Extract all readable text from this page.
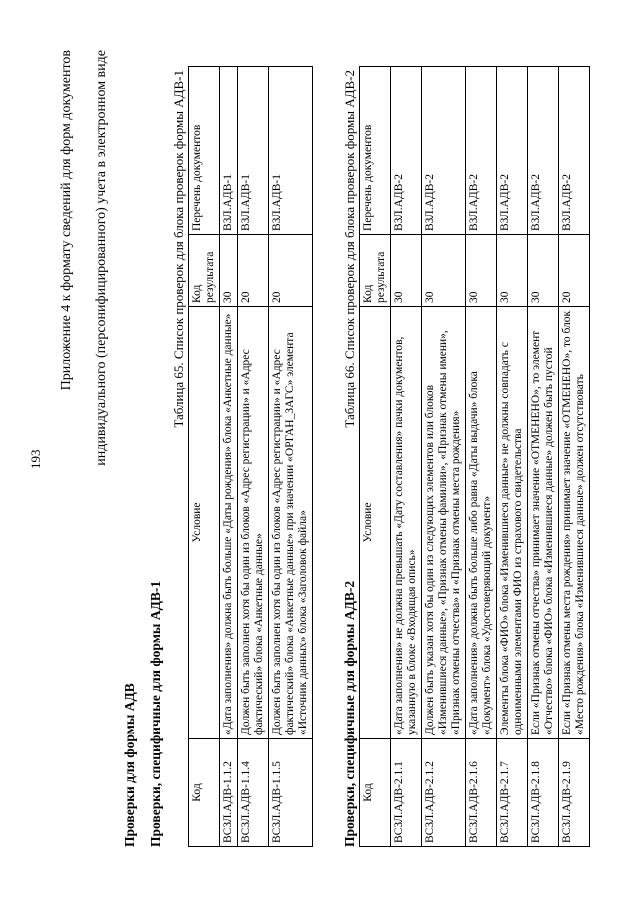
193
Приложение 4 к формату сведений для форм документов индивидуального (персонифицированного) учета в электронном виде
Проверки для формы АДВ Проверки, специфичные для формы АДВ-1
Таблица 65. Список проверок для блока проверок формы АДВ-1
Код	Условие	Код результата	Перечень документов
ВСЗЛ.АДВ-1.1.2	«Дата заполнения» должна быть больше «Даты рождения» блока «Анкетные данные»	30	ВЗЛ.АДВ-1
ВСЗЛ.АДВ-1.1.4	Должен быть заполнен хотя бы один из блоков «Адрес регистрации» и «Адрес фактический» блока «Анкетные данные»	20	ВЗЛ.АДВ-1
ВСЗЛ.АДВ-1.1.5	Должен быть заполнен хотя бы один из блоков «Адрес регистрации» и «Адрес фактический» блока «Анкетные данные» при значении «ОРГАН_ЗАГС» элемента «Источник данных» блока «Заголовок файла»	20	ВЗЛ.АДВ-1
Проверки, специфичные для формы АДВ-2
Таблица 66. Список проверок для блока проверок формы АДВ-2
Код	Условие	Код результата	Перечень документов
ВСЗЛ.АДВ-2.1.1	«Дата заполнения» не должна превышать «Дату составления» пачки документов, указанную в блоке «Входящая опись»	30	ВЗЛ.АДВ-2
ВСЗЛ.АДВ-2.1.2	Должен быть указан хотя бы один из следующих элементов или блоков «Изменившиеся данные», «Признак отмены фамилии», «Признак отмены имени», «Признак отмены отчества» и «Признак отмены места рождения»	30	ВЗЛ.АДВ-2
ВСЗЛ.АДВ-2.1.6	«Дата заполнения» должна быть больше либо равна «Даты выдачи» блока «Документ» блока «Удостоверяющий документ»	30	ВЗЛ.АДВ-2
ВСЗЛ.АДВ-2.1.7	Элементы блока «ФИО» блока «Изменившиеся данные» не должны совпадать с одноименными элементами ФИО из страхового свидетельства	30	ВЗЛ.АДВ-2
ВСЗЛ.АДВ-2.1.8	Если «Признак отмены отчества» принимает значение «ОТМЕНЕНО», то элемент «Отчество» блока «ФИО» блока «Изменившиеся данные» должен быть пустой	30	ВЗЛ.АДВ-2
ВСЗЛ.АДВ-2.1.9	Если «Признак отмены места рождения» принимает значение «ОТМЕНЕНО», то блок «Место рождения» блока «Изменившиеся данные» должен отсутствовать	20	ВЗЛ.АДВ-2
